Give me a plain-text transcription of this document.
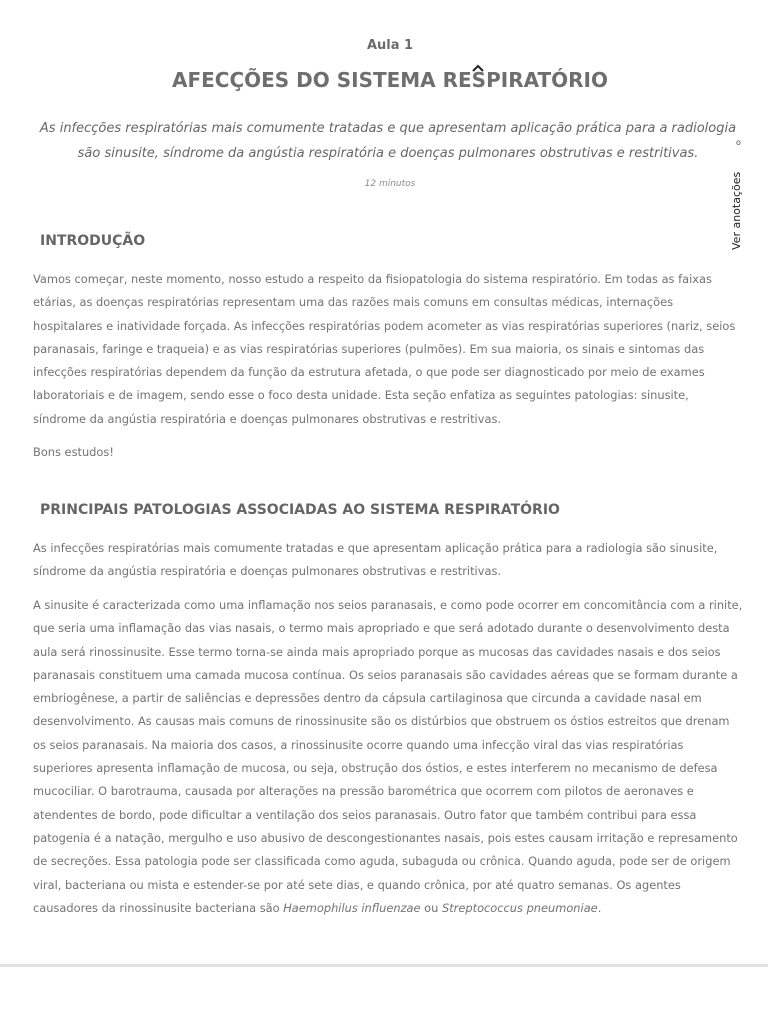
Aula 1
AFECÇÕES DO SISTEMA RESPIRATÓRIO

As infecções respiratórias mais comumente tratadas e que apresentam aplicação prática para a radiologia
são sinusite, síndrome da angústia respiratória e doenças pulmonares obstrutivas e restritivas.

12 minutos
o
Ver anotações
INTRODUÇÃO

Vamos começar, neste momento, nosso estudo a respeito da fisiopatologia do sistema respiratório. Em todas as faixas etárias, as doenças respiratórias representam uma das razões mais comuns em consultas médicas, internações hospitalares e inatividade forçada. As infecções respiratórias podem acometer as vias respiratórias superiores (nariz, seios paranasais, faringe e traqueia) e as vias respiratórias superiores (pulmões). Em sua maioria, os sinais e sintomas das infecções respiratórias dependem da função da estrutura afetada, o que pode ser diagnosticado por meio de exames laboratoriais e de imagem, sendo esse o foco desta unidade. Esta seção enfatiza as seguintes patologias: sinusite, síndrome da angústia respiratória e doenças pulmonares obstrutivas e restritivas.

Bons estudos!

PRINCIPAIS PATOLOGIAS ASSOCIADAS AO SISTEMA RESPIRATÓRIO

As infecções respiratórias mais comumente tratadas e que apresentam aplicação prática para a radiologia são sinusite, síndrome da angústia respiratória e doenças pulmonares obstrutivas e restritivas.

A sinusite é caracterizada como uma inflamação nos seios paranasais, e como pode ocorrer em concomitância com a rinite, que seria uma inflamação das vias nasais, o termo mais apropriado e que será adotado durante o desenvolvimento desta aula será rinossinusite. Esse termo torna-se ainda mais apropriado porque as mucosas das cavidades nasais e dos seios paranasais constituem uma camada mucosa contínua. Os seios paranasais são cavidades aéreas que se formam durante a embriogênese, a partir de saliências e depressões dentro da cápsula cartilaginosa que circunda a cavidade nasal em desenvolvimento. As causas mais comuns de rinossinusite são os distúrbios que obstruem os óstios estreitos que drenam os seios paranasais. Na maioria dos casos, a rinossinusite ocorre quando uma infecção viral das vias respiratórias superiores apresenta inflamação de mucosa, ou seja, obstrução dos óstios, e estes interferem no mecanismo de defesa mucociliar. O barotrauma, causada por alterações na pressão barométrica que ocorrem com pilotos de aeronaves e atendentes de bordo, pode dificultar a ventilação dos seios paranasais. Outro fator que também contribui para essa patogenia é a natação, mergulho e uso abusivo de descongestionantes nasais, pois estes causam irritação e represamento de secreções. Essa patologia pode ser classificada como aguda, subaguda ou crônica. Quando aguda, pode ser de origem viral, bacteriana ou mista e estender-se por até sete dias, e quando crônica, por até quatro semanas. Os agentes causadores da rinossinusite bacteriana são Haemophilus influenzae ou Streptococcus pneumoniae.
